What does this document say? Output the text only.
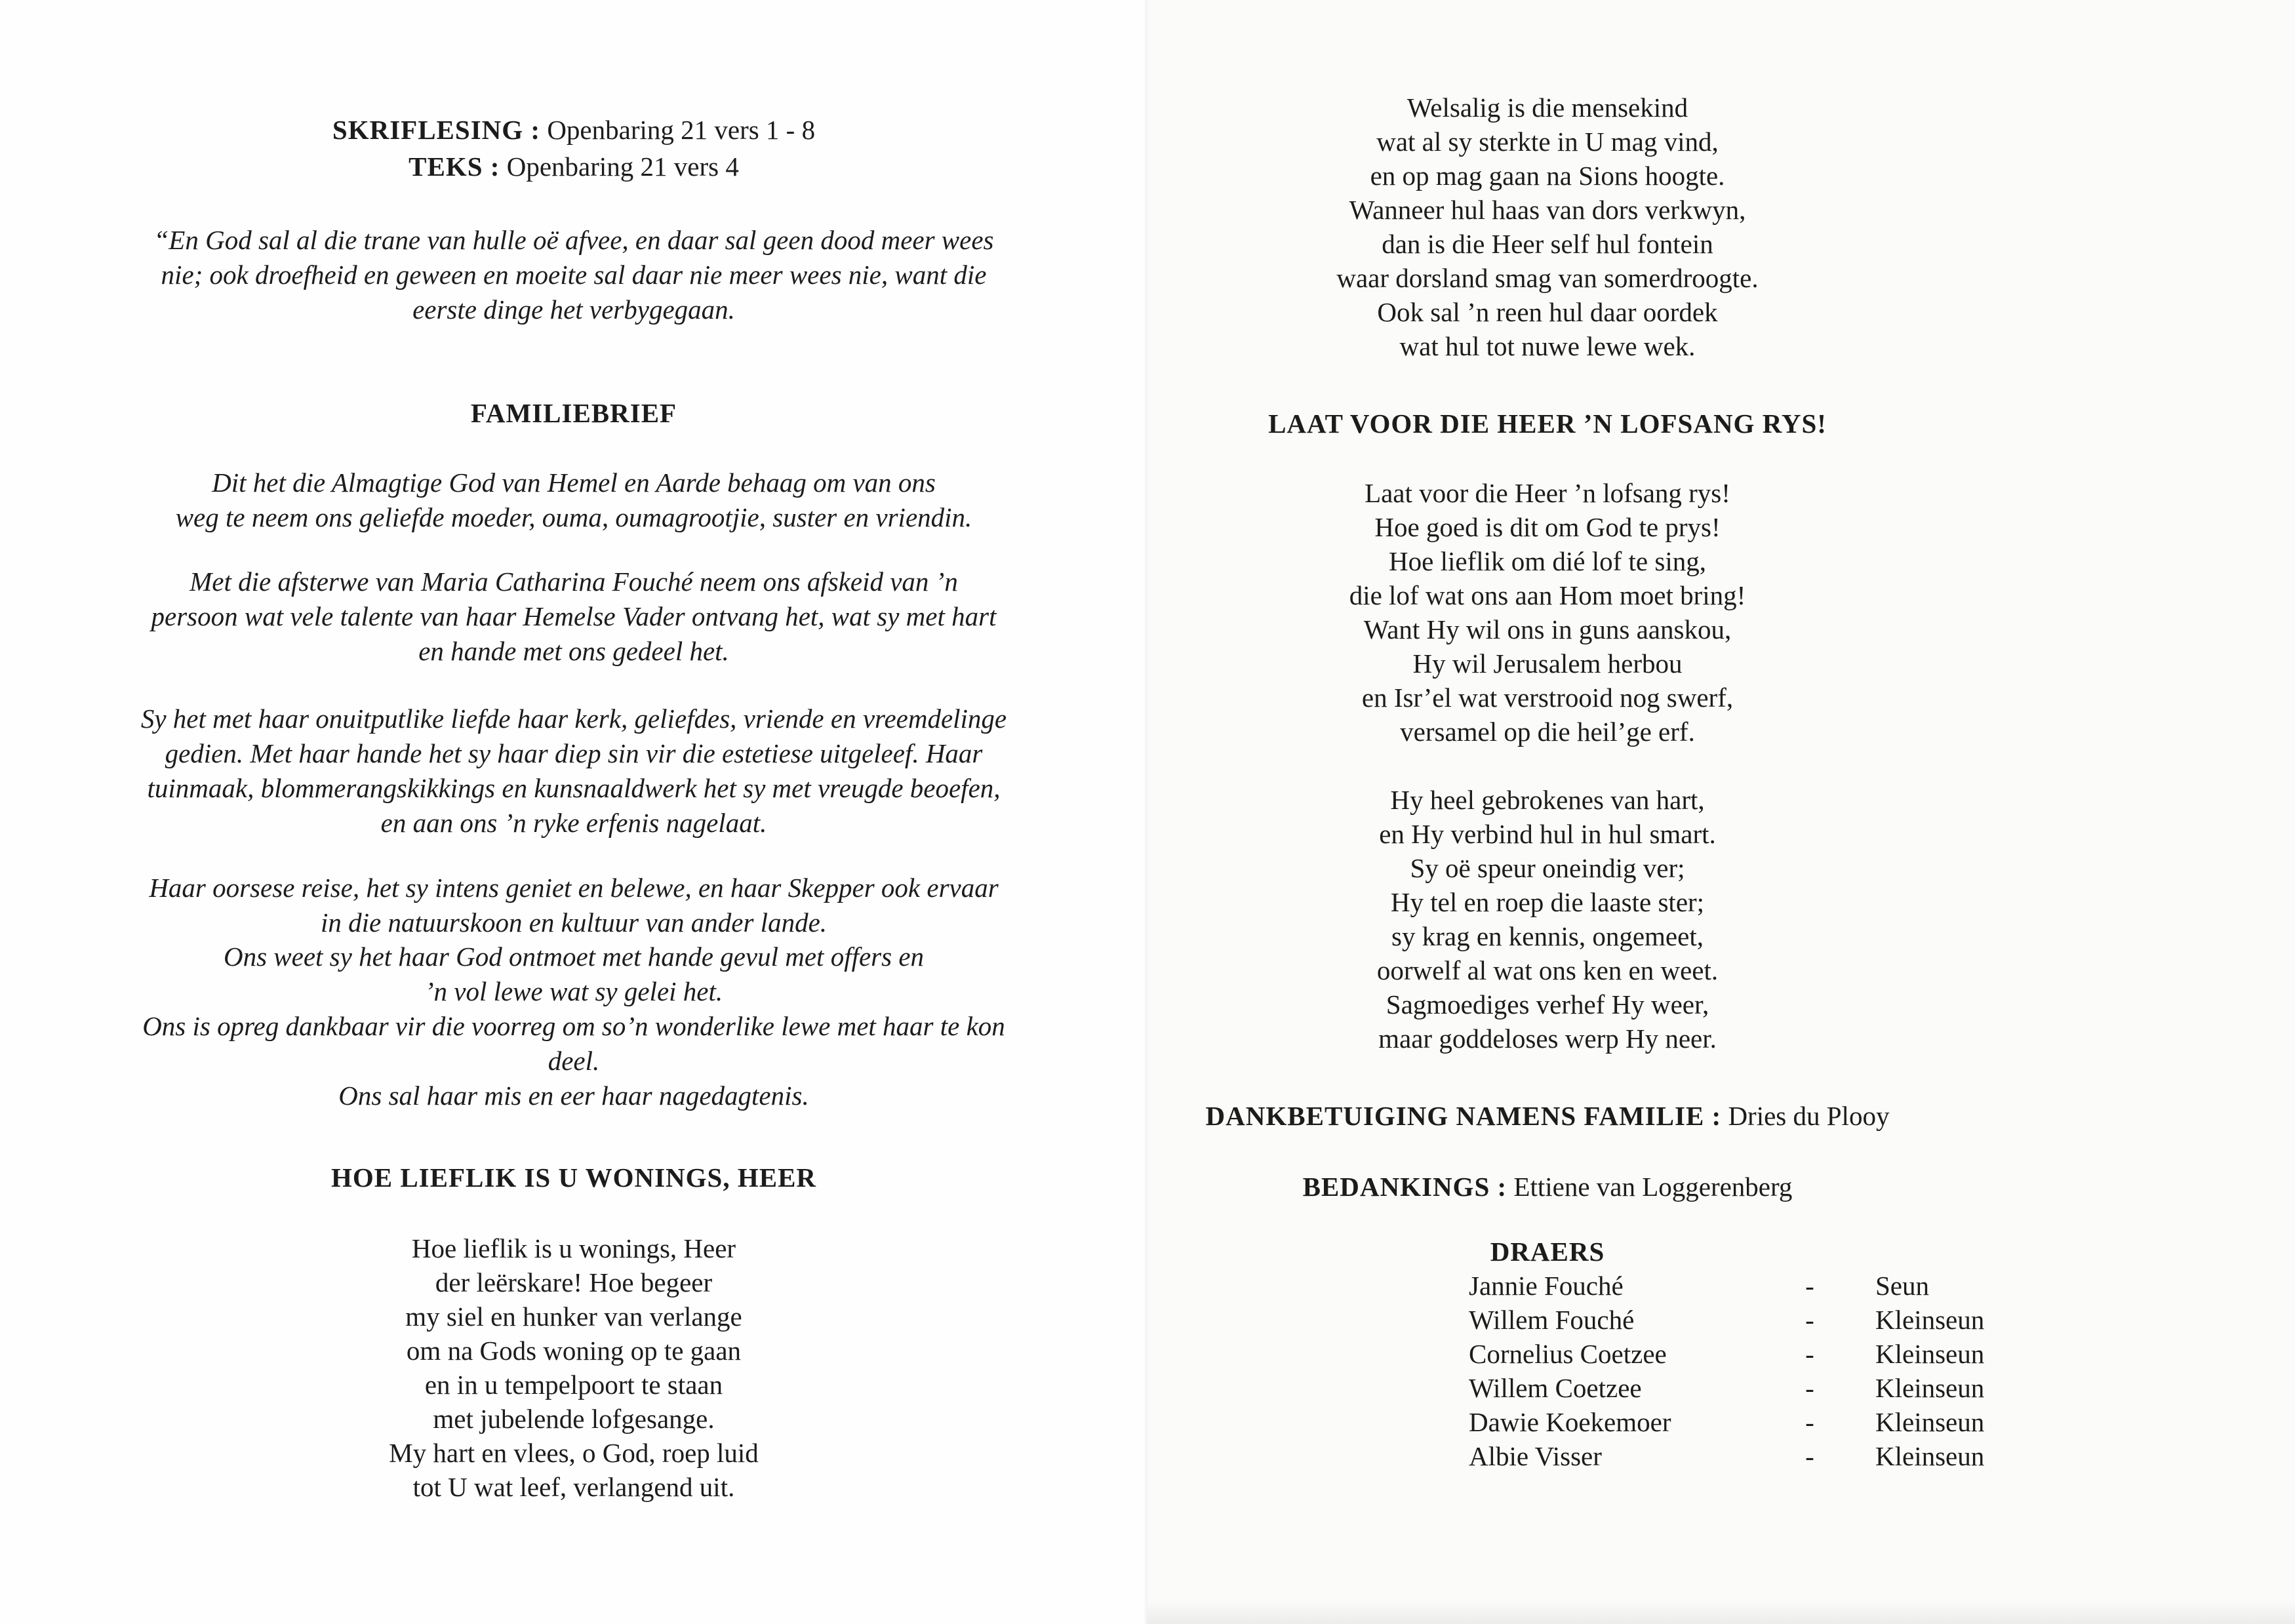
SKRIFLESING : Openbaring 21 vers 1 - 8
TEKS : Openbaring 21 vers 4
“En God sal al die trane van hulle oë afvee, en daar sal geen dood meer wees
nie; ook droefheid en geween en moeite sal daar nie meer wees nie, want die
eerste dinge het verbygegaan.
FAMILIEBRIEF
Dit het die Almagtige God van Hemel en Aarde behaag om van ons
weg te neem ons geliefde moeder, ouma, oumagrootjie, suster en vriendin.
Met die afsterwe van Maria Catharina Fouché neem ons afskeid van ’n
persoon wat vele talente van haar Hemelse Vader ontvang het, wat sy met hart
en hande met ons gedeel het.
Sy het met haar onuitputlike liefde haar kerk, geliefdes, vriende en vreemdelinge
gedien. Met haar hande het sy haar diep sin vir die estetiese uitgeleef. Haar
tuinmaak, blommerangskikkings en kunsnaaldwerk het sy met vreugde beoefen,
en aan ons ’n ryke erfenis nagelaat.
Haar oorsese reise, het sy intens geniet en belewe, en haar Skepper ook ervaar
in die natuurskoon en kultuur van ander lande.
Ons weet sy het haar God ontmoet met hande gevul met offers en
’n vol lewe wat sy gelei het.
Ons is opreg dankbaar vir die voorreg om so’n wonderlike lewe met haar te kon
deel.
Ons sal haar mis en eer haar nagedagtenis.
HOE LIEFLIK IS U WONINGS, HEER
Hoe lieflik is u wonings, Heer
der leërskare! Hoe begeer
my siel en hunker van verlange
om na Gods woning op te gaan
en in u tempelpoort te staan
met jubelende lofgesange.
My hart en vlees, o God, roep luid
tot U wat leef, verlangend uit.
Welsalig is die mensekind
wat al sy sterkte in U mag vind,
en op mag gaan na Sions hoogte.
Wanneer hul haas van dors verkwyn,
dan is die Heer self hul fontein
waar dorsland smag van somerdroogte.
Ook sal ’n reen hul daar oordek
wat hul tot nuwe lewe wek.
LAAT VOOR DIE HEER ’N LOFSANG RYS!
Laat voor die Heer ’n lofsang rys!
Hoe goed is dit om God te prys!
Hoe lieflik om dié lof te sing,
die lof wat ons aan Hom moet bring!
Want Hy wil ons in guns aanskou,
Hy wil Jerusalem herbou
en Isr’el wat verstrooid nog swerf,
versamel op die heil’ge erf.
Hy heel gebrokenes van hart,
en Hy verbind hul in hul smart.
Sy oë speur oneindig ver;
Hy tel en roep die laaste ster;
sy krag en kennis, ongemeet,
oorwelf al wat ons ken en weet.
Sagmoediges verhef Hy weer,
maar goddeloses werp Hy neer.
DANKBETUIGING NAMENS FAMILIE : Dries du Plooy
BEDANKINGS : Ettiene van Loggerenberg
DRAERS
Jannie Fouché	-	Seun
Willem Fouché	-	Kleinseun
Cornelius Coetzee	-	Kleinseun
Willem Coetzee	-	Kleinseun
Dawie Koekemoer	-	Kleinseun
Albie Visser	-	Kleinseun
